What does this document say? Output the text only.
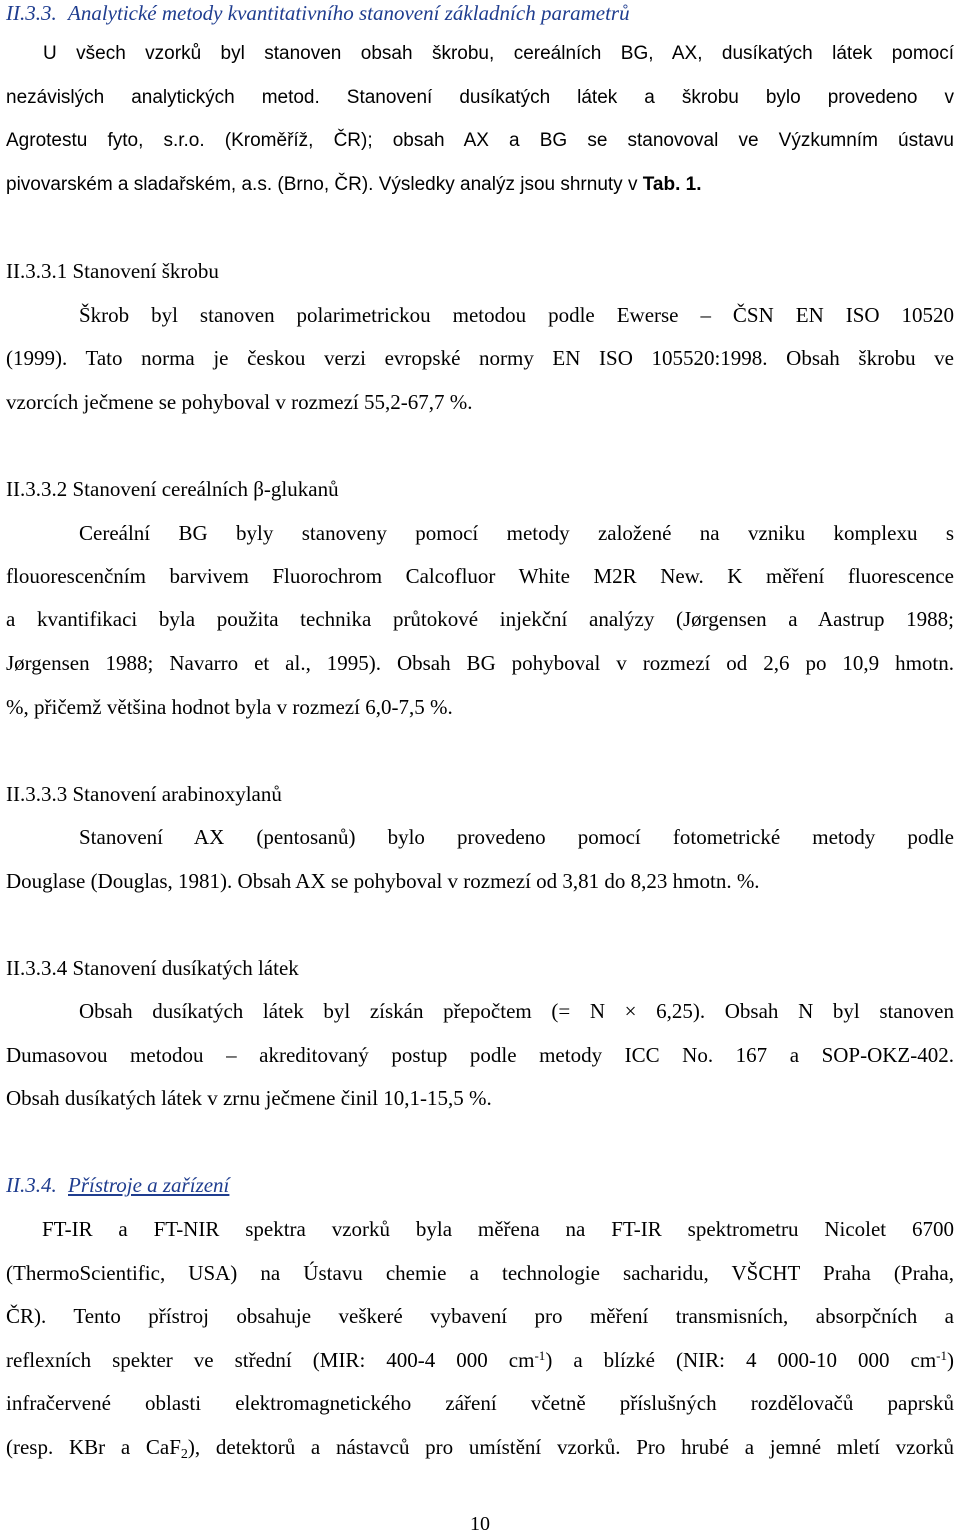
II.3.3. Analytické metody kvantitativního stanovení základních parametrů
U všech vzorků byl stanoven obsah škrobu, cereálních BG, AX, dusíkatých látek pomocí
nezávislých analytických metod. Stanovení dusíkatých látek a škrobu bylo provedeno v
Agrotestu fyto, s.r.o. (Kroměříž, ČR); obsah AX a BG se stanovoval ve Výzkumním ústavu
pivovarském a sladařském, a.s. (Brno, ČR). Výsledky analýz jsou shrnuty v Tab. 1.
II.3.3.1 Stanovení škrobu
Škrob byl stanoven polarimetrickou metodou podle Ewerse – ČSN EN ISO 10520
(1999). Tato norma je českou verzi evropské normy EN ISO 105520:1998. Obsah škrobu ve
vzorcích ječmene se pohyboval v rozmezí 55,2-67,7 %.
II.3.3.2 Stanovení cereálních β-glukanů
Cereální BG byly stanoveny pomocí metody založené na vzniku komplexu s
flouorescenčním barvivem Fluorochrom Calcofluor White M2R New. K měření fluorescence
a kvantifikaci byla použita technika průtokové injekční analýzy (Jørgensen a Aastrup 1988;
Jørgensen 1988; Navarro et al., 1995). Obsah BG pohyboval v rozmezí od 2,6 po 10,9 hmotn.
%, přičemž většina hodnot byla v rozmezí 6,0-7,5 %.
II.3.3.3 Stanovení arabinoxylanů
Stanovení AX (pentosanů) bylo provedeno pomocí fotometrické metody podle
Douglase (Douglas, 1981). Obsah AX se pohyboval v rozmezí od 3,81 do 8,23 hmotn. %.
II.3.3.4 Stanovení dusíkatých látek
Obsah dusíkatých látek byl získán přepočtem (= N × 6,25). Obsah N byl stanoven
Dumasovou metodou – akreditovaný postup podle metody ICC No. 167 a SOP-OKZ-402.
Obsah dusíkatých látek v zrnu ječmene činil 10,1-15,5 %.
II.3.4. Přístroje a zařízení
FT-IR a FT-NIR spektra vzorků byla měřena na FT-IR spektrometru Nicolet 6700
(ThermoScientific, USA) na Ústavu chemie a technologie sacharidu, VŠCHT Praha (Praha,
ČR). Tento přístroj obsahuje veškeré vybavení pro měření transmisních, absorpčních a
reflexních spekter ve střední (MIR: 400-4 000 $cm^{-1}$) a blízké (NIR: 4 000-10 000 $cm^{-1}$)
infračervené oblasti elektromagnetického záření včetně příslušných rozdělovačů paprsků
(resp. KBr a CaF$_2$), detektorů a nástavců pro umístění vzorků. Pro hrubé a jemné mletí vzorků
10
